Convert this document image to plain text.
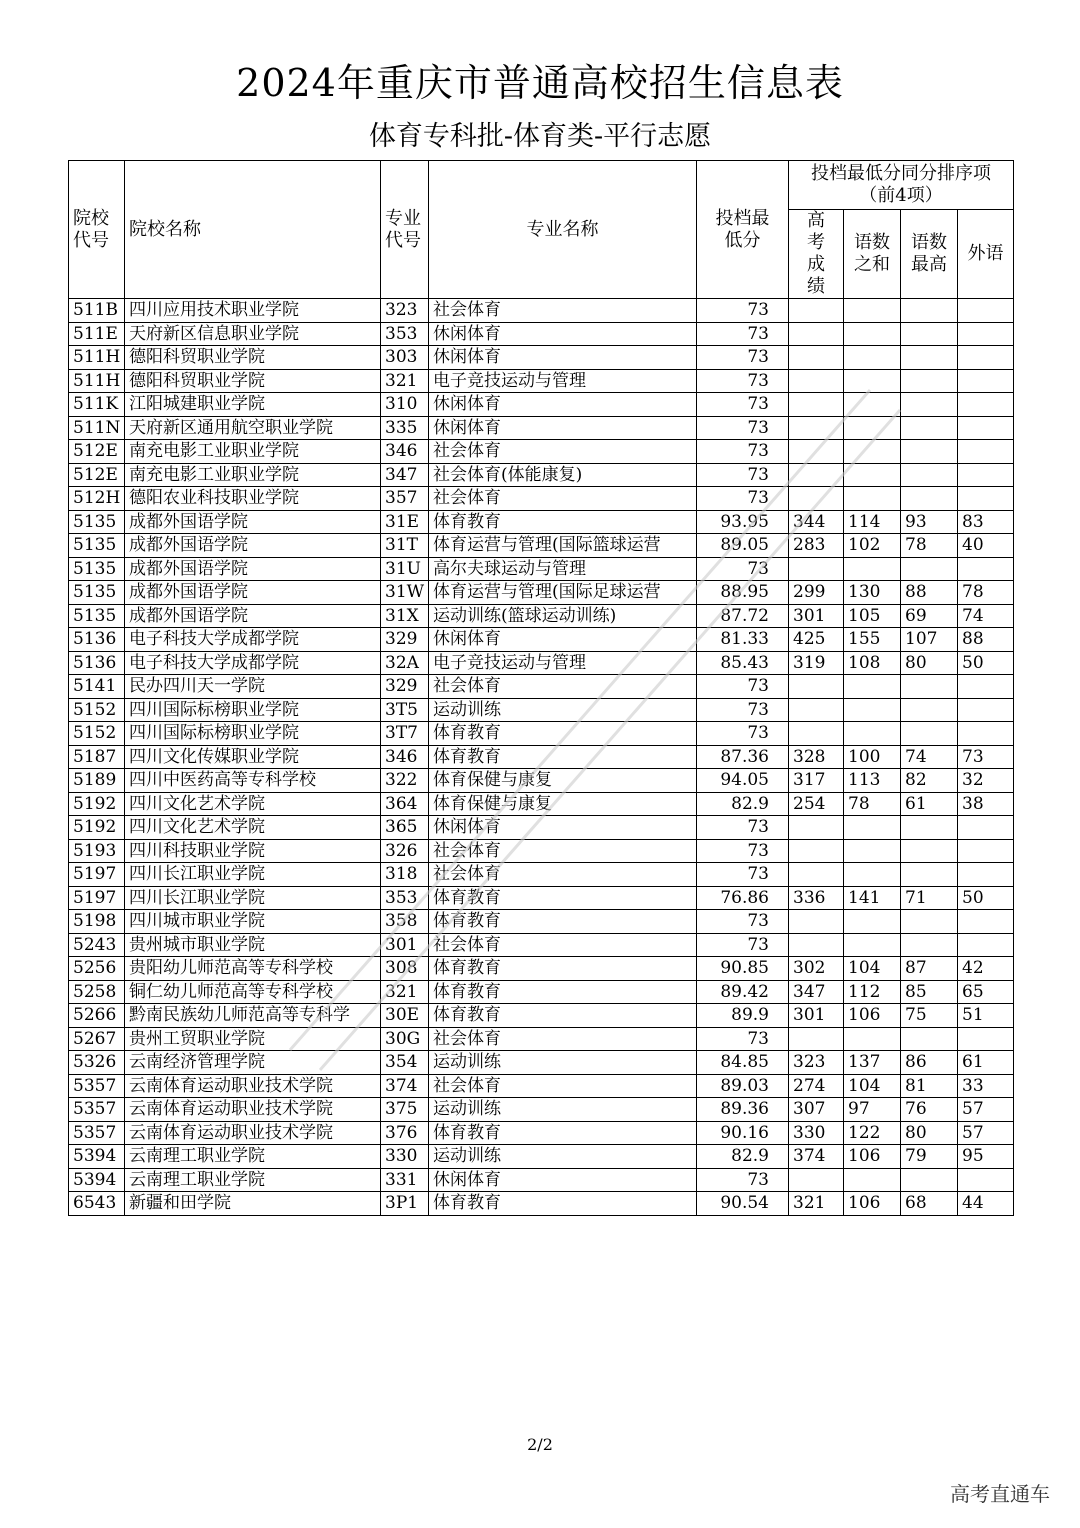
2024年重庆市普通高校招生信息表
体育专科批-体育类-平行志愿
院校代号	院校名称	专业代号	专业名称	投档最低分	投档最低分同分排序项（前4项）			
					高考成绩	语数之和	语数最高	外语
511B	四川应用技术职业学院	323	社会体育	73				
511E	天府新区信息职业学院	353	休闲体育	73				
511H	德阳科贸职业学院	303	休闲体育	73				
511H	德阳科贸职业学院	321	电子竞技运动与管理	73				
511K	江阳城建职业学院	310	休闲体育	73				
511N	天府新区通用航空职业学院	335	休闲体育	73				
512E	南充电影工业职业学院	346	社会体育	73				
512E	南充电影工业职业学院	347	社会体育(体能康复)	73				
512H	德阳农业科技职业学院	357	社会体育	73				
5135	成都外国语学院	31E	体育教育	93.95	344	114	93	83
5135	成都外国语学院	31T	体育运营与管理(国际篮球运营	89.05	283	102	78	40
5135	成都外国语学院	31U	高尔夫球运动与管理	73				
5135	成都外国语学院	31W	体育运营与管理(国际足球运营	88.95	299	130	88	78
5135	成都外国语学院	31X	运动训练(篮球运动训练)	87.72	301	105	69	74
5136	电子科技大学成都学院	329	休闲体育	81.33	425	155	107	88
5136	电子科技大学成都学院	32A	电子竞技运动与管理	85.43	319	108	80	50
5141	民办四川天一学院	329	社会体育	73				
5152	四川国际标榜职业学院	3T5	运动训练	73				
5152	四川国际标榜职业学院	3T7	体育教育	73				
5187	四川文化传媒职业学院	346	体育教育	87.36	328	100	74	73
5189	四川中医药高等专科学校	322	体育保健与康复	94.05	317	113	82	32
5192	四川文化艺术学院	364	体育保健与康复	82.9	254	78	61	38
5192	四川文化艺术学院	365	休闲体育	73				
5193	四川科技职业学院	326	社会体育	73				
5197	四川长江职业学院	318	社会体育	73				
5197	四川长江职业学院	353	体育教育	76.86	336	141	71	50
5198	四川城市职业学院	358	体育教育	73				
5243	贵州城市职业学院	301	社会体育	73				
5256	贵阳幼儿师范高等专科学校	308	体育教育	90.85	302	104	87	42
5258	铜仁幼儿师范高等专科学校	321	体育教育	89.42	347	112	85	65
5266	黔南民族幼儿师范高等专科学	30E	体育教育	89.9	301	106	75	51
5267	贵州工贸职业学院	30G	社会体育	73				
5326	云南经济管理学院	354	运动训练	84.85	323	137	86	61
5357	云南体育运动职业技术学院	374	社会体育	89.03	274	104	81	33
5357	云南体育运动职业技术学院	375	运动训练	89.36	307	97	76	57
5357	云南体育运动职业技术学院	376	体育教育	90.16	330	122	80	57
5394	云南理工职业学院	330	运动训练	82.9	374	106	79	95
5394	云南理工职业学院	331	休闲体育	73				
6543	新疆和田学院	3P1	体育教育	90.54	321	106	68	44
2/2
高考直通车
